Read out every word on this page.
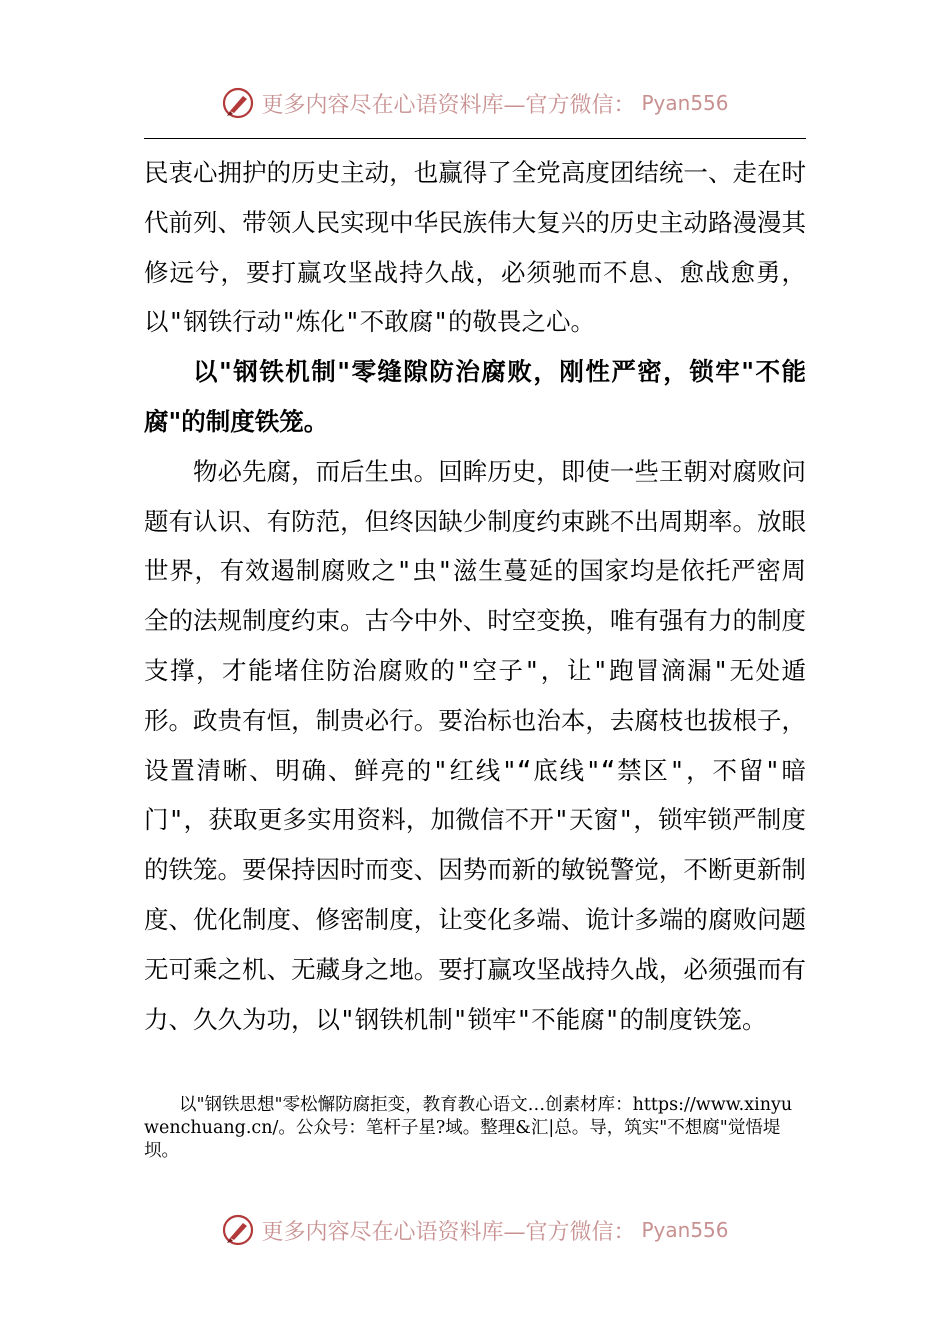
更多内容尽在心语资料库—官方微信： Pyan556

民衷心拥护的历史主动，也赢得了全党高度团结统一、走在时代前列、带领人民实现中华民族伟大复兴的历史主动路漫漫其修远兮，要打赢攻坚战持久战，必须驰而不息、愈战愈勇，以"钢铁行动"炼化"不敢腐"的敬畏之心。

以"钢铁机制"零缝隙防治腐败，刚性严密，锁牢"不能腐"的制度铁笼。

物必先腐，而后生虫。回眸历史，即使一些王朝对腐败问题有认识、有防范，但终因缺少制度约束跳不出周期率。放眼世界，有效遏制腐败之"虫"滋生蔓延的国家均是依托严密周全的法规制度约束。古今中外、时空变换，唯有强有力的制度支撑，才能堵住防治腐败的"空子"，让"跑冒滴漏"无处遁形。政贵有恒，制贵必行。要治标也治本，去腐枝也拔根子，设置清晰、明确、鲜亮的"红线"“底线"“禁区"，不留"暗门"，获取更多实用资料，加微信不开"天窗"，锁牢锁严制度的铁笼。要保持因时而变、因势而新的敏锐警觉，不断更新制度、优化制度、修密制度，让变化多端、诡计多端的腐败问题无可乘之机、无藏身之地。要打赢攻坚战持久战，必须强而有力、久久为功，以"钢铁机制"锁牢"不能腐"的制度铁笼。

以"钢铁思想"零松懈防腐拒变，教育教心语文…创素材库：https://www.xinyuwenchuang.cn/。公众号：笔杆子星?域。整理&汇|总。导，筑实"不想腐"觉悟堤坝。
更多内容尽在心语资料库—官方微信： Pyan556
